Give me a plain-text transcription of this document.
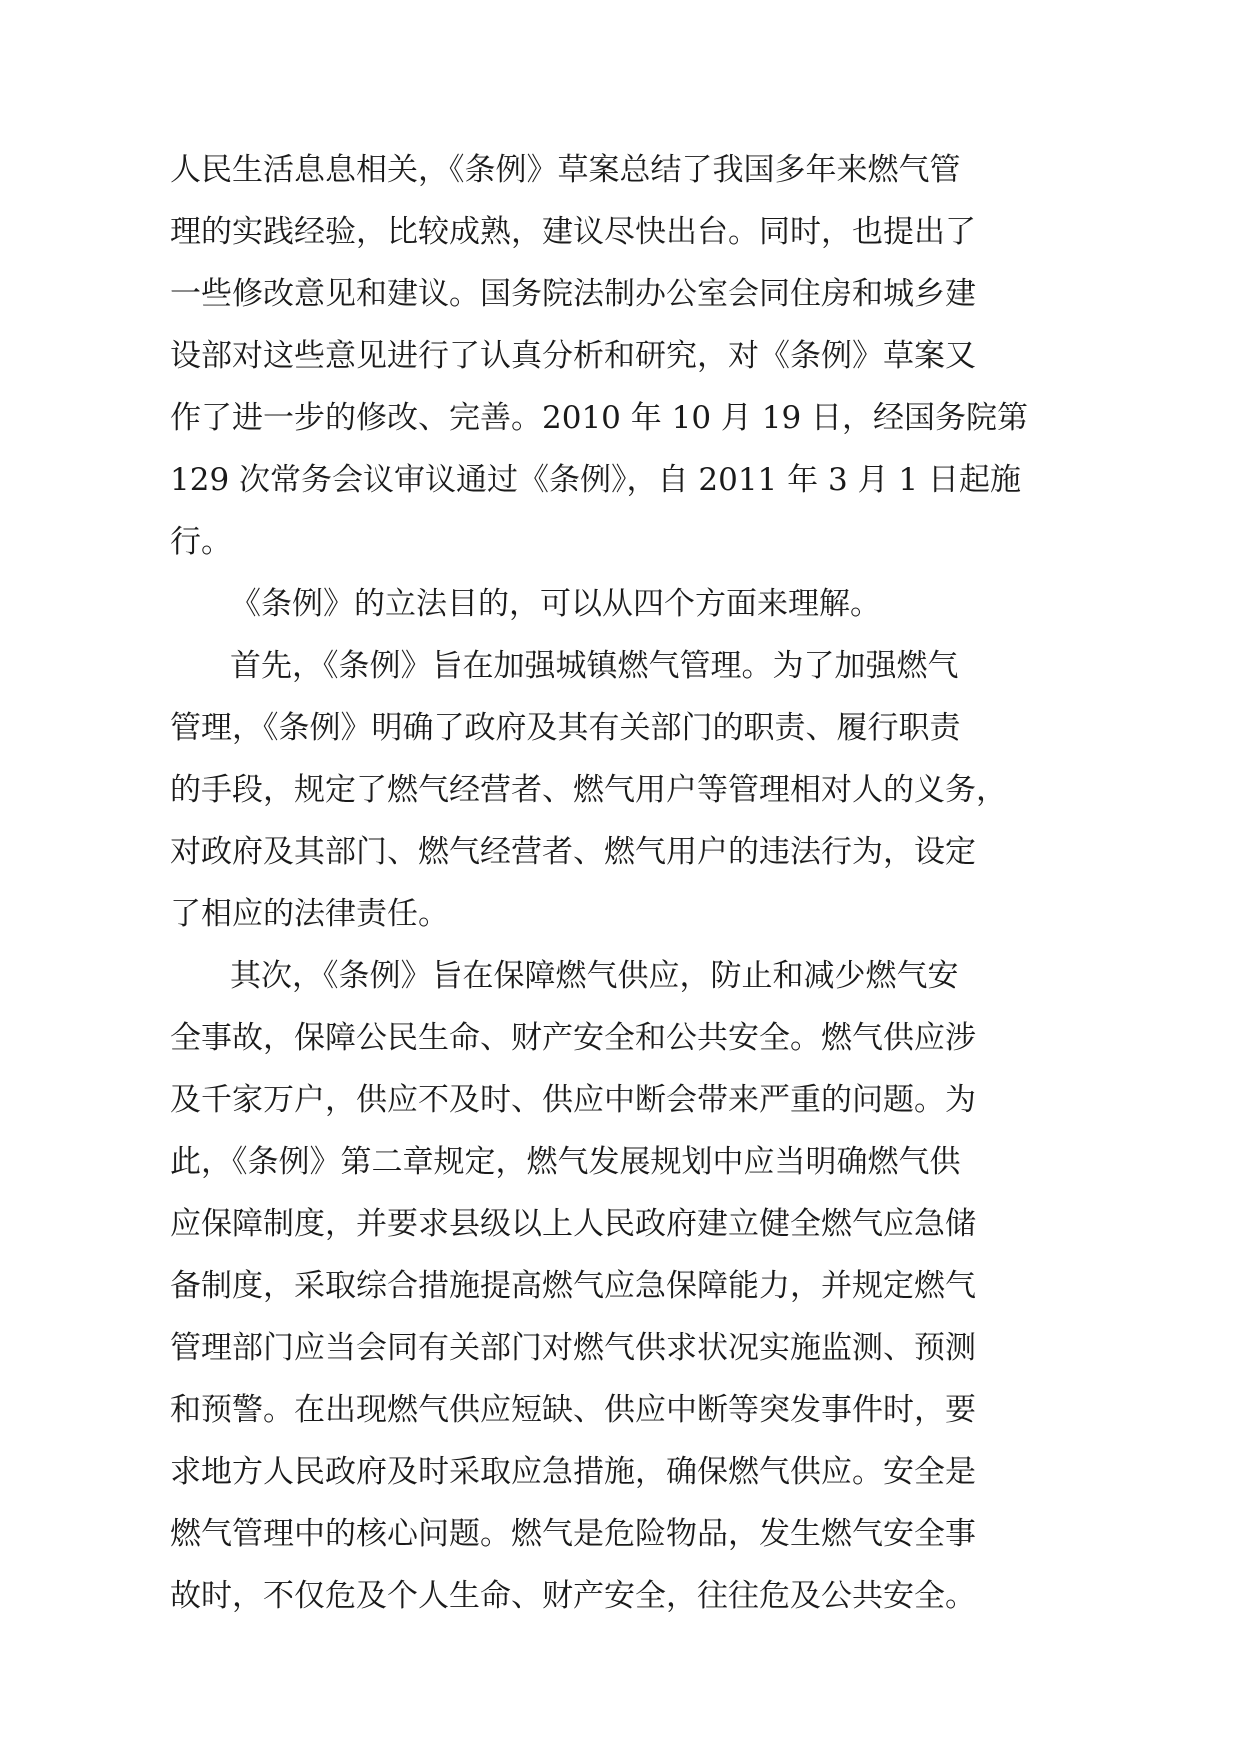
人民生活息息相关，《条例》草案总结了我国多年来燃气管
理的实践经验，比较成熟，建议尽快出台。同时，也提出了
一些修改意见和建议。国务院法制办公室会同住房和城乡建
设部对这些意见进行了认真分析和研究，对《条例》草案又
作了进一步的修改、完善。2010 年 10 月 19 日，经国务院第
129 次常务会议审议通过《条例》，自 2011 年 3 月 1 日起施
行。
《条例》的立法目的，可以从四个方面来理解。
首先，《条例》旨在加强城镇燃气管理。为了加强燃气
管理，《条例》明确了政府及其有关部门的职责、履行职责
的手段，规定了燃气经营者、燃气用户等管理相对人的义务，
对政府及其部门、燃气经营者、燃气用户的违法行为，设定
了相应的法律责任。
其次，《条例》旨在保障燃气供应，防止和减少燃气安
全事故，保障公民生命、财产安全和公共安全。燃气供应涉
及千家万户，供应不及时、供应中断会带来严重的问题。为
此，《条例》第二章规定，燃气发展规划中应当明确燃气供
应保障制度，并要求县级以上人民政府建立健全燃气应急储
备制度，采取综合措施提高燃气应急保障能力，并规定燃气
管理部门应当会同有关部门对燃气供求状况实施监测、预测
和预警。在出现燃气供应短缺、供应中断等突发事件时，要
求地方人民政府及时采取应急措施，确保燃气供应。安全是
燃气管理中的核心问题。燃气是危险物品，发生燃气安全事
故时，不仅危及个人生命、财产安全，往往危及公共安全。
